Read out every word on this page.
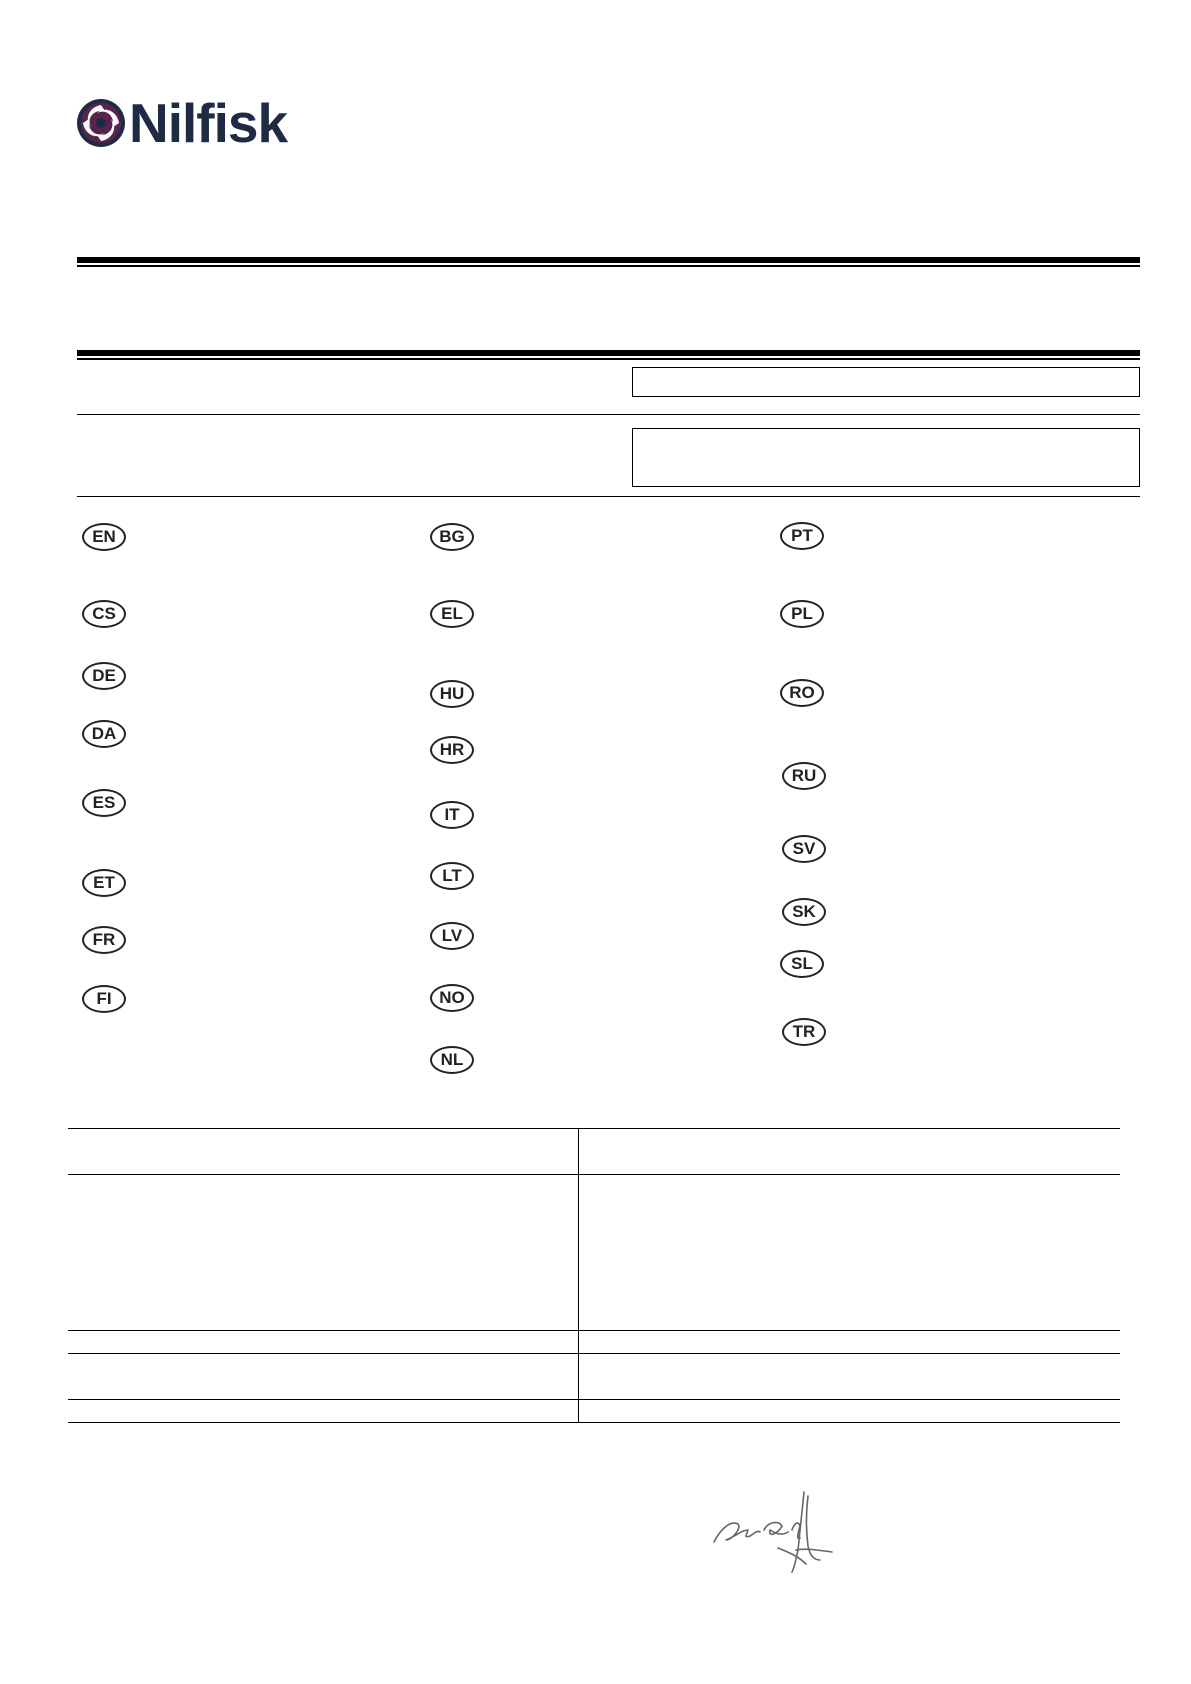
Nilfisk
EN
CS
DE
DA
ES
ET
FR
FI
BG
EL
HU
HR
IT
LT
LV
NO
NL
PT
PL
RO
RU
SV
SK
SL
TR
